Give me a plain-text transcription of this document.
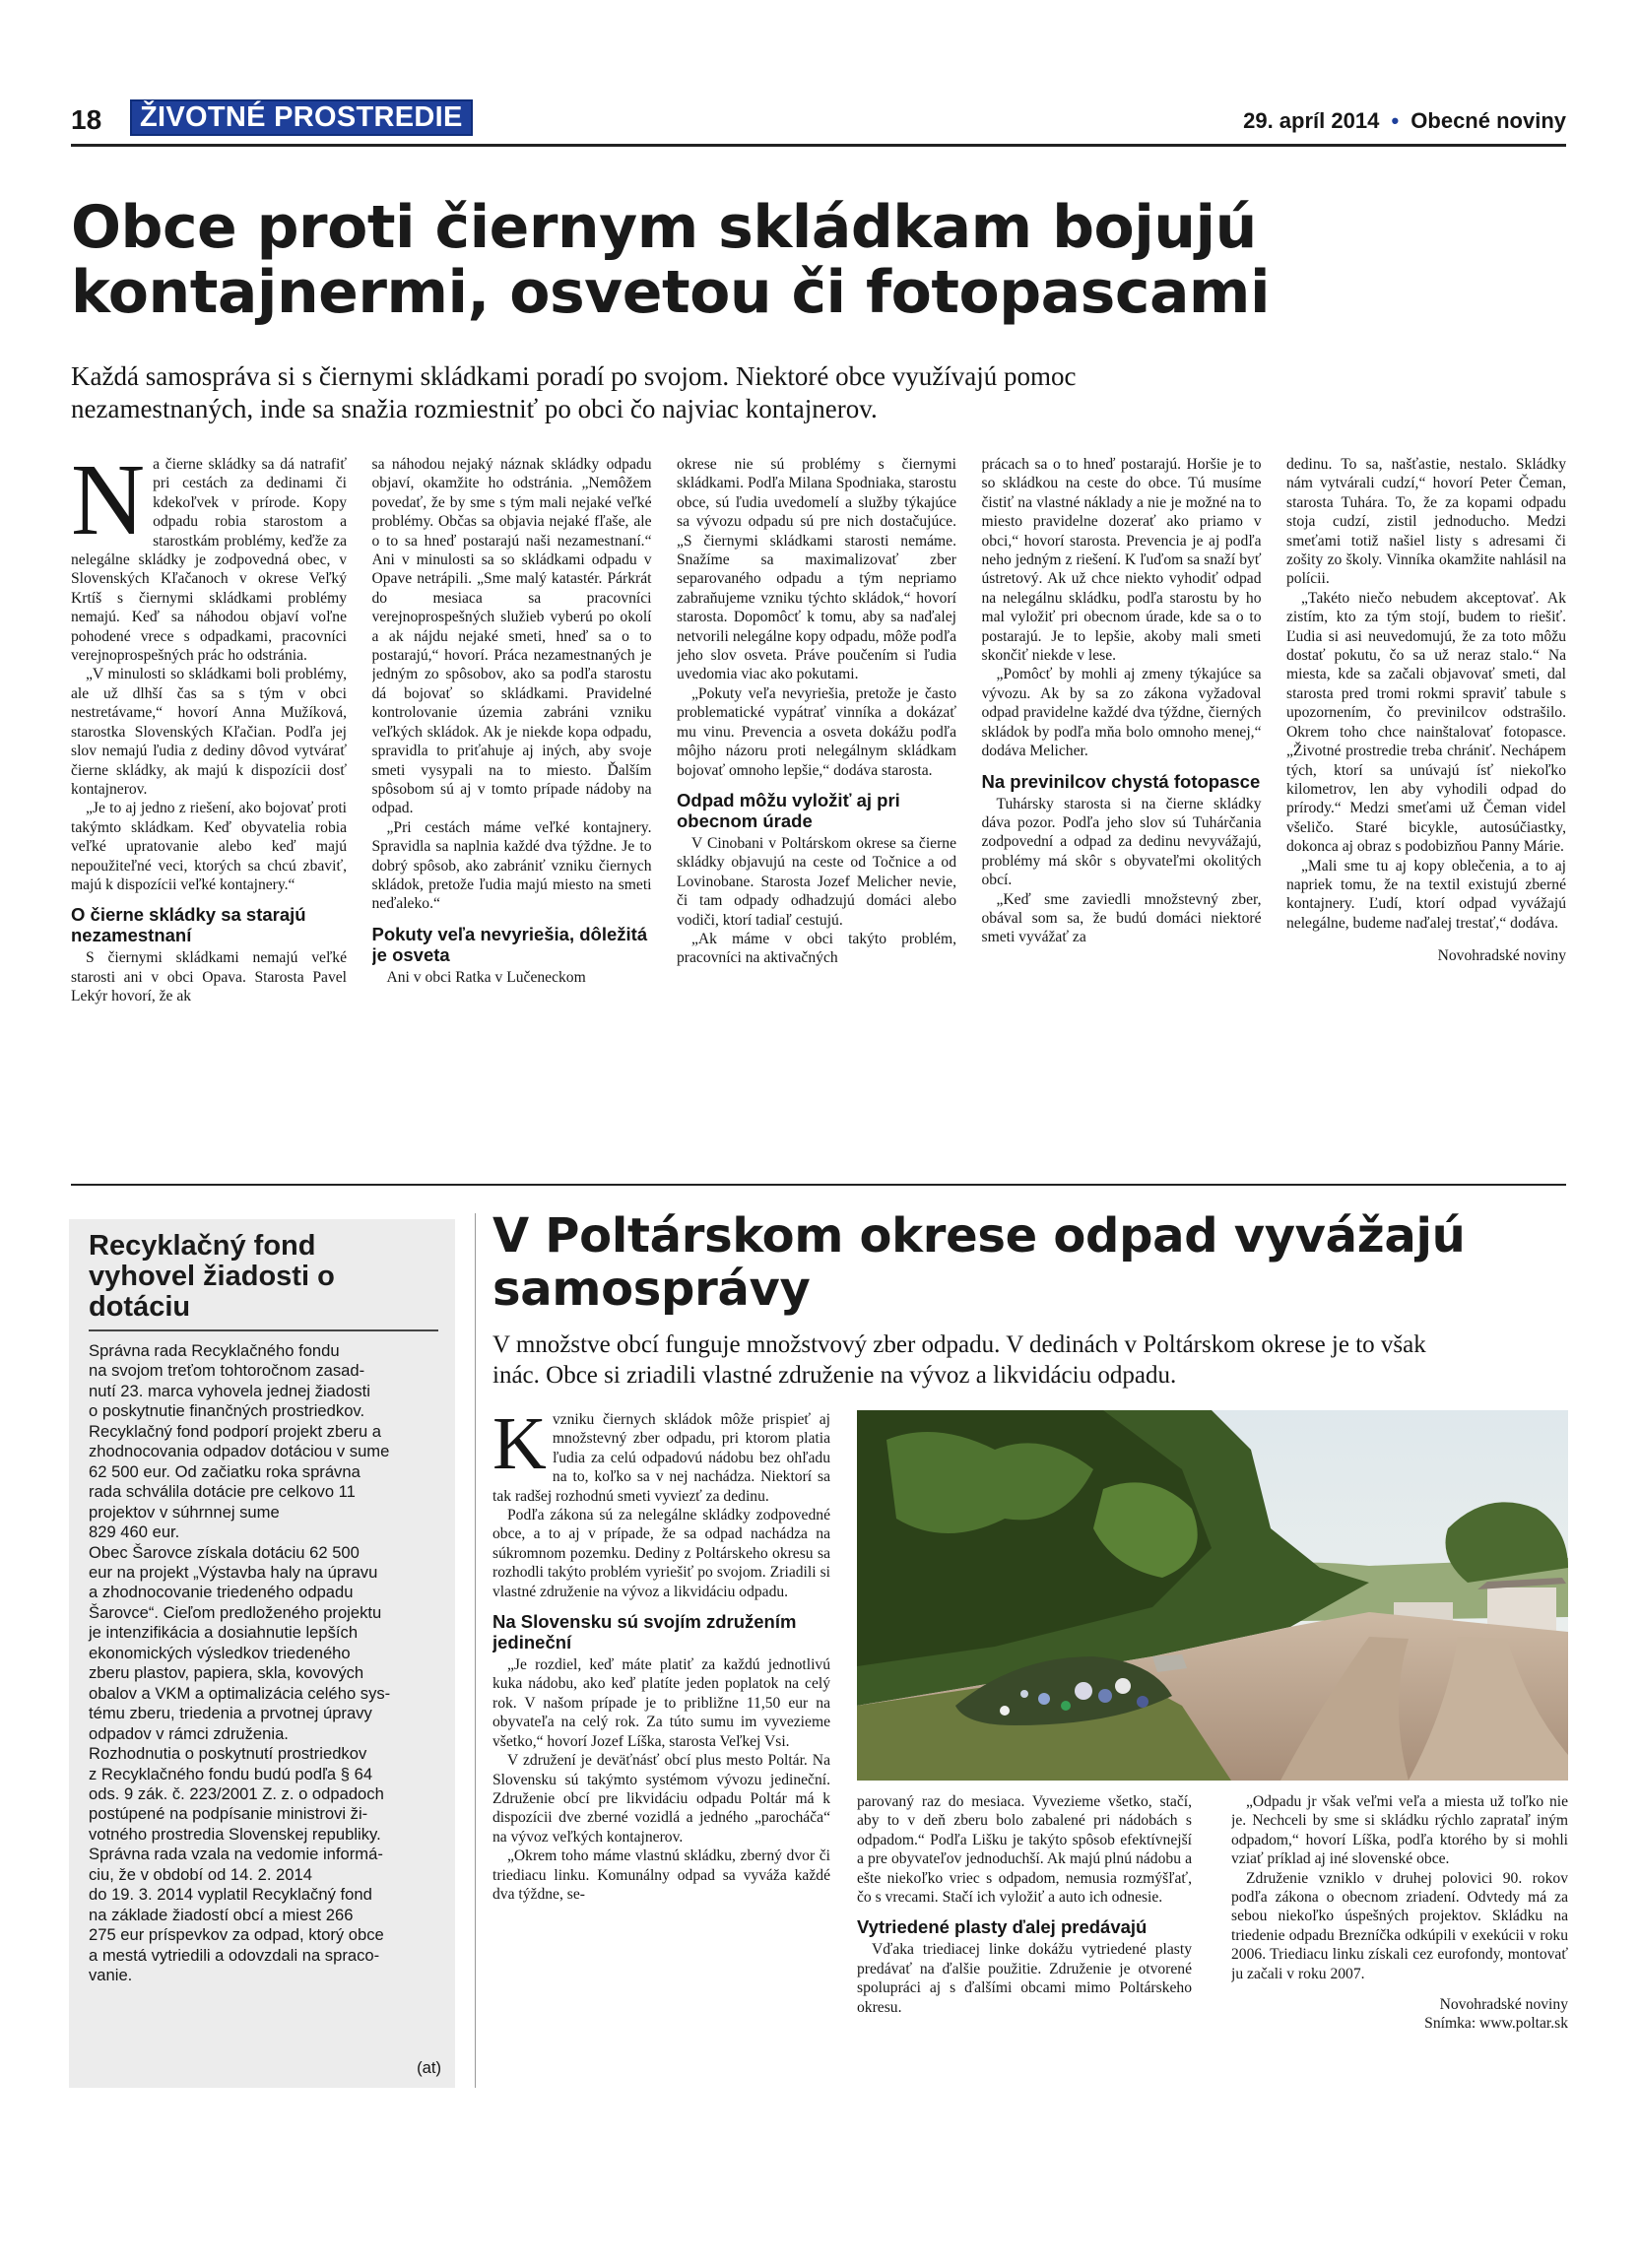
18	ŽIVOTNÉ PROSTREDIE	29. apríl 2014 • Obecné noviny
Obce proti čiernym skládkam bojujú
kontajnermi, osvetou či fotopascami
Každá samospráva si s čiernymi skládkami poradí po svojom. Niektoré obce využívajú pomoc nezamestnaných, inde sa snažia rozmiestniť po obci čo najviac kontajnerov.

Na čierne skládky sa dá natrafiť pri cestách za dedinami či kdekoľvek v prírode. Kopy odpadu robia starostom a starostkám problémy, keďže za nelegálne skládky je zodpovedná obec, v Slovenských Kľačanoch v okrese Veľký Krtíš s čiernymi skládkami problémy nemajú. Keď sa náhodou objaví voľne pohodené vrece s odpadkami, pracovníci verejnoprospešných prác ho odstránia.

„V minulosti so skládkami boli problémy, ale už dlhší čas sa s tým v obci nestretávame,“ hovorí Anna Mužíková, starostka Slovenských Kľačian. Podľa jej slov nemajú ľudia z dediny dôvod vytvárať čierne skládky, ak majú k dispozícii dosť kontajnerov.

„Je to aj jedno z riešení, ako bojovať proti takýmto skládkam. Keď obyvatelia robia veľké upratovanie alebo keď majú nepoužiteľné veci, ktorých sa chcú zbaviť, majú k dispozícii veľké kontajnery.“

O čierne skládky sa starajú nezamestnaní

S čiernymi skládkami nemajú veľké starosti ani v obci Opava. Starosta Pavel Lekýr hovorí, že ak

sa náhodou nejaký náznak skládky odpadu objaví, okamžite ho odstránia. „Nemôžem povedať, že by sme s tým mali nejaké veľké problémy. Občas sa objavia nejaké fľaše, ale o to sa hneď postarajú naši nezamestnaní.“ Ani v minulosti sa so skládkami odpadu v Opave netrápili. „Sme malý katastér. Párkrát do mesiaca sa pracovníci verejnoprospešných služieb vyberú po okolí a ak nájdu nejaké smeti, hneď sa o to postarajú,“ hovorí. Práca nezamestnaných je jedným zo spôsobov, ako sa podľa starostu dá bojovať so skládkami. Pravidelné kontrolovanie územia zabráni vzniku veľkých skládok. Ak je niekde kopa odpadu, spravidla to priťahuje aj iných, aby svoje smeti vysypali na to miesto. Ďalším spôsobom sú aj v tomto prípade nádoby na odpad.

„Pri cestách máme veľké kontajnery. Spravidla sa naplnia každé dva týždne. Je to dobrý spôsob, ako zabrániť vzniku čiernych skládok, pretože ľudia majú miesto na smeti neďaleko.“

Pokuty veľa nevyriešia, dôležitá je osveta

Ani v obci Ratka v Lučeneckom

okrese nie sú problémy s čiernymi skládkami. Podľa Milana Spodniaka, starostu obce, sú ľudia uvedomelí a služby týkajúce sa vývozu odpadu sú pre nich dostačujúce. „S čiernymi skládkami starosti nemáme. Snažíme sa maximalizovať zber separovaného odpadu a tým nepriamo zabraňujeme vzniku týchto skládok,“ hovorí starosta. Dopomôcť k tomu, aby sa naďalej netvorili nelegálne kopy odpadu, môže podľa jeho slov osveta. Práve poučením si ľudia uvedomia viac ako pokutami.

„Pokuty veľa nevyriešia, pretože je často problematické vypátrať vinníka a dokázať mu vinu. Prevencia a osveta dokážu podľa môjho názoru proti nelegálnym skládkam bojovať omnoho lepšie,“ dodáva starosta.

Odpad môžu vyložiť aj pri obecnom úrade

V Cinobani v Poltárskom okrese sa čierne skládky objavujú na ceste od Točnice a od Lovinobane. Starosta Jozef Melicher nevie, či tam odpady odhadzujú domáci alebo vodiči, ktorí tadiaľ cestujú.

„Ak máme v obci takýto problém, pracovníci na aktivačných

prácach sa o to hneď postarajú. Horšie je to so skládkou na ceste do obce. Tú musíme čistiť na vlastné náklady a nie je možné na to miesto pravidelne dozerať ako priamo v obci,“ hovorí starosta. Prevencia je aj podľa neho jedným z riešení. K ľuďom sa snaží byť ústretový. Ak už chce niekto vyhodiť odpad na nelegálnu skládku, podľa starostu by ho mal vyložiť pri obecnom úrade, kde sa o to postarajú. Je to lepšie, akoby mali smeti skončiť niekde v lese.

„Pomôcť by mohli aj zmeny týkajúce sa vývozu. Ak by sa zo zákona vyžadoval odpad pravidelne každé dva týždne, čierných skládok by podľa mňa bolo omnoho menej,“ dodáva Melicher.

Na previnilcov chystá fotopasce

Tuhársky starosta si na čierne skládky dáva pozor. Podľa jeho slov sú Tuhárčania zodpovední a odpad za dedinu nevyvážajú, problémy má skôr s obyvateľmi okolitých obcí.

„Keď sme zaviedli množstevný zber, obával som sa, že budú domáci niektoré smeti vyvážať za

dedinu. To sa, našťastie, nestalo. Skládky nám vytvárali cudzí,“ hovorí Peter Čeman, starosta Tuhára. To, že za kopami odpadu stoja cudzí, zistil jednoducho. Medzi smeťami totiž našiel listy s adresami či zošity zo školy. Vinníka okamžite nahlásil na polícii.

„Takéto niečo nebudem akceptovať. Ak zistím, kto za tým stojí, budem to riešiť. Ľudia si asi neuvedomujú, že za toto môžu dostať pokutu, čo sa už neraz stalo.“ Na miesta, kde sa začali objavovať smeti, dal starosta pred tromi rokmi spraviť tabule s upozornením, čo previnilcov odstrašilo. Okrem toho chce nainštalovať fotopasce. „Životné prostredie treba chrániť. Nechápem tých, ktorí sa unúvajú ísť niekoľko kilometrov, len aby vyhodili odpad do prírody.“ Medzi smeťami už Čeman videl všeličo. Staré bicykle, autosúčiastky, dokonca aj obraz s podobizňou Panny Márie.

„Mali sme tu aj kopy oblečenia, a to aj napriek tomu, že na textil existujú zberné kontajnery. Ľudí, ktorí odpad vyvážajú nelegálne, budeme naďalej trestať,“ dodáva.

Novohradské noviny

Recyklačný fond vyhovel žiadosti o dotáciu
Správna rada Recyklačného fondu
na svojom treťom tohtoročnom zasad-
nutí 23. marca vyhovela jednej žiadosti
o poskytnutie finančných prostriedkov.
Recyklačný fond podporí projekt zberu a
zhodnocovania odpadov dotáciou v sume
62 500 eur. Od začiatku roka správna
rada schválila dotácie pre celkovo 11
projektov v súhrnnej sume
829 460 eur.
Obec Šarovce získala dotáciu 62 500
eur na projekt „Výstavba haly na úpravu
a zhodnocovanie triedeného odpadu
Šarovce“. Cieľom predloženého projektu
je intenzifikácia a dosiahnutie lepších
ekonomických výsledkov triedeného
zberu plastov, papiera, skla, kovových
obalov a VKM a optimalizácia celého sys-
tému zberu, triedenia a prvotnej úpravy
odpadov v rámci združenia.
Rozhodnutia o poskytnutí prostriedkov
z Recyklačného fondu budú podľa § 64
ods. 9 zák. č. 223/2001 Z. z. o odpadoch
postúpené na podpísanie ministrovi ži-
votného prostredia Slovenskej republiky.
Správna rada vzala na vedomie informá-
ciu, že v období od 14. 2. 2014
do 19. 3. 2014 vyplatil Recyklačný fond
na základe žiadostí obcí a miest 266
275 eur príspevkov za odpad, ktorý obce
a mestá vytriedili a odovzdali na spraco-
vanie.
(at)
V Poltárskom okrese odpad vyvážajú
samosprávy
V množstve obcí funguje množstvový zber odpadu. V dedinách v Poltárskom okrese je to však inác. Obce si zriadili vlastné združenie na vývoz a likvidáciu odpadu.

Kvzniku čiernych skládok môže prispieť aj množstevný zber odpadu, pri ktorom platia ľudia za celú odpadovú nádobu bez ohľadu na to, koľko sa v nej nachádza. Niektorí sa tak radšej rozhodnú smeti vyviezť za dedinu.

Podľa zákona sú za nelegálne skládky zodpovedné obce, a to aj v prípade, že sa odpad nachádza na súkromnom pozemku. Dediny z Poltárskeho okresu sa rozhodli takýto problém vyriešiť po svojom. Zriadili si vlastné združenie na vývoz a likvidáciu odpadu.

Na Slovensku sú svojím združením jedineční

„Je rozdiel, keď máte platiť za každú jednotlivú kuka nádobu, ako keď platíte jeden poplatok na celý rok. V našom prípade je to približne 11,50 eur na obyvateľa na celý rok. Za túto sumu im vyvezieme všetko,“ hovorí Jozef Líška, starosta Veľkej Vsi.

V združení je deväťnásť obcí plus mesto Poltár. Na Slovensku sú takýmto systémom vývozu jedineční. Združenie obcí pre likvidáciu odpadu Poltár má k dispozícii dve zberné vozidlá a jedného „parocháča“ na vývoz veľkých kontajnerov.

„Okrem toho máme vlastnú skládku, zberný dvor či triediacu linku. Komunálny odpad sa vyváža každé dva týždne, se-

parovaný raz do mesiaca. Vyvezieme všetko, stačí, aby to v deň zberu bolo zabalené pri nádobách s odpadom.“ Podľa Lišku je takýto spôsob efektívnejší a pre obyvateľov jednoduchší. Ak majú plnú nádobu a ešte niekoľko vriec s odpadom, nemusia rozmýšľať, čo s vrecami. Stačí ich vyložiť a auto ich odnesie.

Vytriedené plasty ďalej predávajú

Vďaka triediacej linke dokážu vytriedené plasty predávať na ďalšie použitie. Združenie je otvorené spolupráci aj s ďalšími obcami mimo Poltárskeho okresu.

„Odpadu jr však veľmi veľa a miesta už toľko nie je. Nechceli by sme si skládku rýchlo zaprataľ iným odpadom,“ hovorí Líška, podľa ktorého by si mohli vziať príklad aj iné slovenské obce.

Združenie vzniklo v druhej polovici 90. rokov podľa zákona o obecnom zriadení. Odvtedy má za sebou niekoľko úspešných projektov. Skládku na triedenie odpadu Brezníčka odkúpili v exekúcii v roku 2006. Triediacu linku získali cez eurofondy, montovať ju začali v roku 2007.

Novohradské noviny
Snímka: www.poltar.sk
